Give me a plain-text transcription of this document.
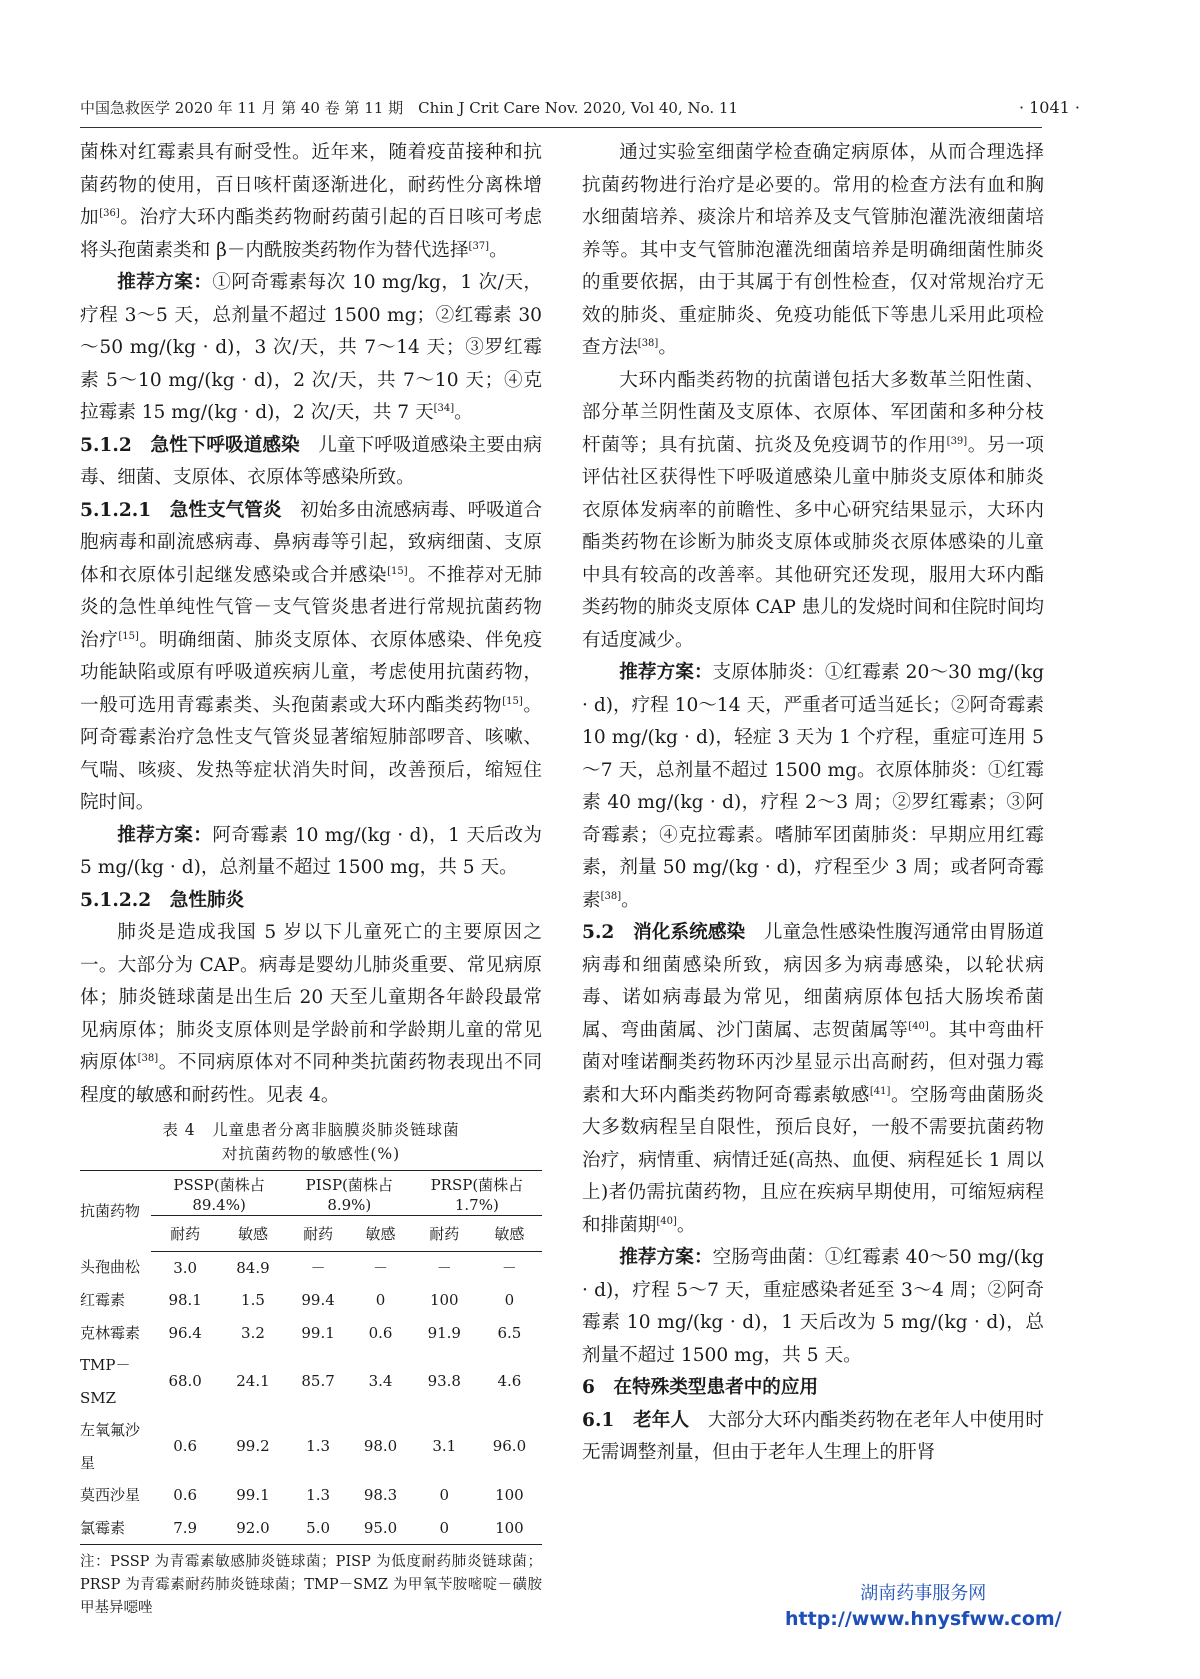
中国急救医学 2020 年 11 月 第 40 卷 第 11 期　Chin J Crit Care Nov. 2020, Vol 40, No. 11	· 1041 ·

菌株对红霉素具有耐受性。近年来，随着疫苗接种和抗菌药物的使用，百日咳杆菌逐渐进化，耐药性分离株增加[36]。治疗大环内酯类药物耐药菌引起的百日咳可考虑将头孢菌素类和 β－内酰胺类药物作为替代选择[37]。

推荐方案：①阿奇霉素每次 10 mg/kg，1 次/天，疗程 3～5 天，总剂量不超过 1500 mg；②红霉素 30～50 mg/(kg · d)，3 次/天，共 7～14 天；③罗红霉素 5～10 mg/(kg · d)，2 次/天，共 7～10 天；④克拉霉素 15 mg/(kg · d)，2 次/天，共 7 天[34]。

5.1.2　急性下呼吸道感染　儿童下呼吸道感染主要由病毒、细菌、支原体、衣原体等感染所致。

5.1.2.1　急性支气管炎　初始多由流感病毒、呼吸道合胞病毒和副流感病毒、鼻病毒等引起，致病细菌、支原体和衣原体引起继发感染或合并感染[15]。不推荐对无肺炎的急性单纯性气管－支气管炎患者进行常规抗菌药物治疗[15]。明确细菌、肺炎支原体、衣原体感染、伴免疫功能缺陷或原有呼吸道疾病儿童，考虑使用抗菌药物，一般可选用青霉素类、头孢菌素或大环内酯类药物[15]。阿奇霉素治疗急性支气管炎显著缩短肺部啰音、咳嗽、气喘、咳痰、发热等症状消失时间，改善预后，缩短住院时间。

推荐方案：阿奇霉素 10 mg/(kg · d)，1 天后改为 5 mg/(kg · d)，总剂量不超过 1500 mg，共 5 天。

5.1.2.2　急性肺炎

肺炎是造成我国 5 岁以下儿童死亡的主要原因之一。大部分为 CAP。病毒是婴幼儿肺炎重要、常见病原体；肺炎链球菌是出生后 20 天至儿童期各年龄段最常见病原体；肺炎支原体则是学龄前和学龄期儿童的常见病原体[38]。不同病原体对不同种类抗菌药物表现出不同程度的敏感和耐药性。见表 4。

表 4　儿童患者分离非脑膜炎肺炎链球菌
对抗菌药物的敏感性(%)
抗菌药物	PSSP(菌株占89.4%)		PISP(菌株占8.9%)		PRSP(菌株占1.7%)	
	耐药	敏感	耐药	敏感	耐药	敏感
头孢曲松	3.0	84.9	－	－	－	－
红霉素	98.1	1.5	99.4	0	100	0
克林霉素	96.4	3.2	99.1	0.6	91.9	6.5
TMP－SMZ	68.0	24.1	85.7	3.4	93.8	4.6
左氧氟沙星	0.6	99.2	1.3	98.0	3.1	96.0
莫西沙星	0.6	99.1	1.3	98.3	0	100
氯霉素	7.9	92.0	5.0	95.0	0	100
注：PSSP 为青霉素敏感肺炎链球菌；PISP 为低度耐药肺炎链球菌；PRSP 为青霉素耐药肺炎链球菌；TMP－SMZ 为甲氧苄胺嘧啶－磺胺甲基异噁唑

通过实验室细菌学检查确定病原体，从而合理选择抗菌药物进行治疗是必要的。常用的检查方法有血和胸水细菌培养、痰涂片和培养及支气管肺泡灌洗液细菌培养等。其中支气管肺泡灌洗细菌培养是明确细菌性肺炎的重要依据，由于其属于有创性检查，仅对常规治疗无效的肺炎、重症肺炎、免疫功能低下等患儿采用此项检查方法[38]。

大环内酯类药物的抗菌谱包括大多数革兰阳性菌、部分革兰阴性菌及支原体、衣原体、军团菌和多种分枝杆菌等；具有抗菌、抗炎及免疫调节的作用[39]。另一项评估社区获得性下呼吸道感染儿童中肺炎支原体和肺炎衣原体发病率的前瞻性、多中心研究结果显示，大环内酯类药物在诊断为肺炎支原体或肺炎衣原体感染的儿童中具有较高的改善率。其他研究还发现，服用大环内酯类药物的肺炎支原体 CAP 患儿的发烧时间和住院时间均有适度减少。

推荐方案：支原体肺炎：①红霉素 20～30 mg/(kg · d)，疗程 10～14 天，严重者可适当延长；②阿奇霉素 10 mg/(kg · d)，轻症 3 天为 1 个疗程，重症可连用 5～7 天，总剂量不超过 1500 mg。衣原体肺炎：①红霉素 40 mg/(kg · d)，疗程 2～3 周；②罗红霉素；③阿奇霉素；④克拉霉素。嗜肺军团菌肺炎：早期应用红霉素，剂量 50 mg/(kg · d)，疗程至少 3 周；或者阿奇霉素[38]。

5.2　消化系统感染　儿童急性感染性腹泻通常由胃肠道病毒和细菌感染所致，病因多为病毒感染，以轮状病毒、诺如病毒最为常见，细菌病原体包括大肠埃希菌属、弯曲菌属、沙门菌属、志贺菌属等[40]。其中弯曲杆菌对喹诺酮类药物环丙沙星显示出高耐药，但对强力霉素和大环内酯类药物阿奇霉素敏感[41]。空肠弯曲菌肠炎大多数病程呈自限性，预后良好，一般不需要抗菌药物治疗，病情重、病情迁延(高热、血便、病程延长 1 周以上)者仍需抗菌药物，且应在疾病早期使用，可缩短病程和排菌期[40]。

推荐方案：空肠弯曲菌：①红霉素 40～50 mg/(kg · d)，疗程 5～7 天，重症感染者延至 3～4 周；②阿奇霉素 10 mg/(kg · d)，1 天后改为 5 mg/(kg · d)，总剂量不超过 1500 mg，共 5 天。

6　在特殊类型患者中的应用

6.1　老年人　大部分大环内酯类药物在老年人中使用时无需调整剂量，但由于老年人生理上的肝肾

湖南药事服务网
http://www.hnysfww.com/
